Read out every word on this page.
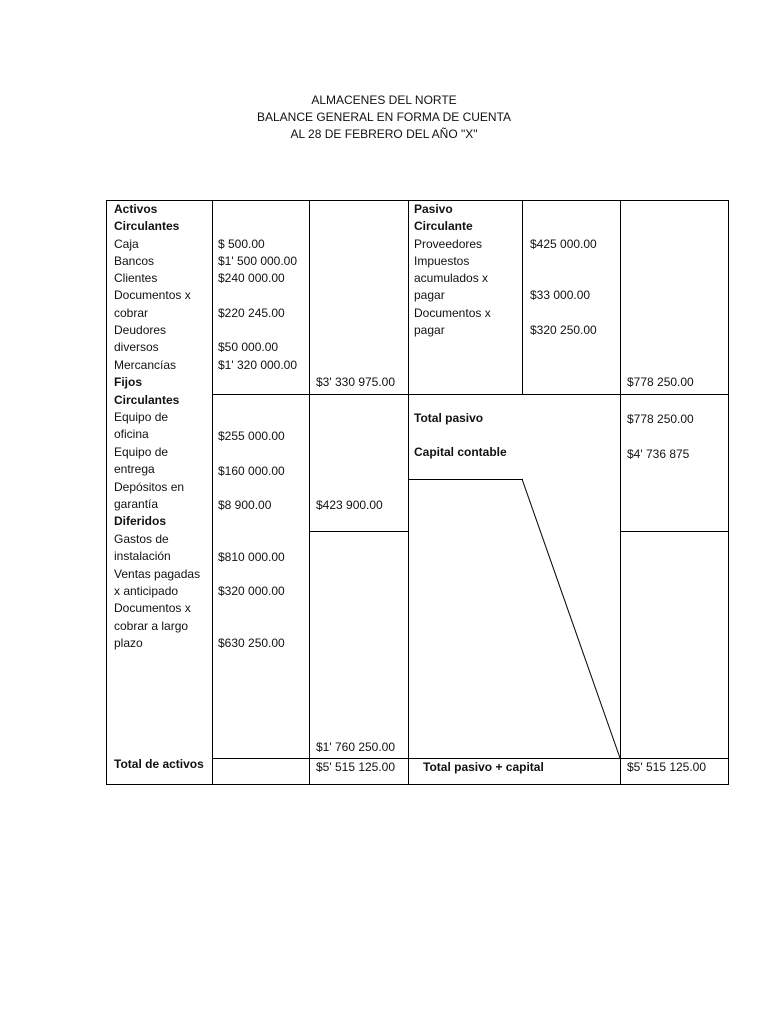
ALMACENES DEL NORTE
BALANCE GENERAL EN FORMA DE CUENTA
AL 28 DE FEBRERO DEL AÑO "X"
Activos
Circulantes
Caja
Bancos
Clientes
Documentos x
cobrar
Deudores
diversos
Mercancías
Fijos
Circulantes
Equipo de
oficina
Equipo de
entrega
Depósitos en
garantía
Diferidos
Gastos de
instalación
Ventas pagadas
x anticipado
Documentos x
cobrar a largo
plazo
Total de activos
$ 500.00
$1' 500 000.00
$240 000.00
$220 245.00
$50 000.00
$1' 320 000.00
$255 000.00
$160 000.00
$8 900.00
$810 000.00
$320 000.00
$630 250.00
$3' 330 975.00
$423 900.00
$1' 760 250.00
$5' 515 125.00
Pasivo
Circulante
Proveedores
Impuestos
acumulados x
pagar
Documentos x
pagar
Total pasivo
Capital contable
Total pasivo + capital
$425 000.00
$33 000.00
$320 250.00
$778 250.00
$778 250.00
$4' 736 875
$5' 515 125.00
